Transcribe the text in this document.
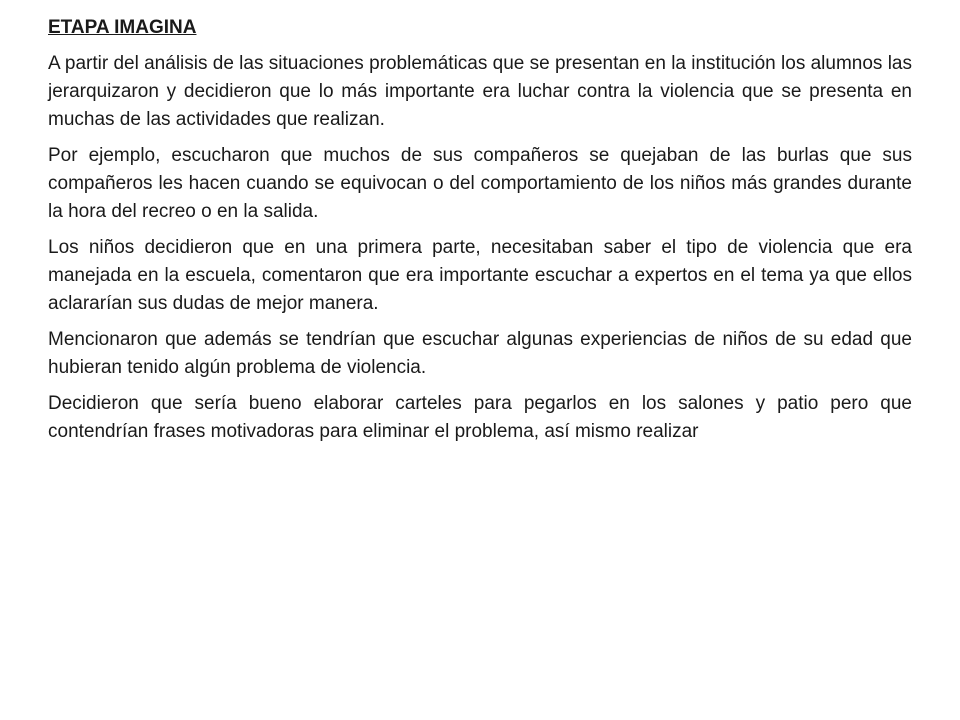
ETAPA IMAGINA

A partir del análisis de las situaciones problemáticas que se presentan en la institución los alumnos las jerarquizaron y decidieron que lo más importante era luchar contra la violencia que se presenta en muchas de las actividades que realizan.

Por ejemplo, escucharon que muchos de sus compañeros se quejaban de las burlas que sus compañeros les hacen cuando se equivocan o del comportamiento de los niños más grandes durante la hora del recreo o en la salida.

Los niños decidieron que en una primera parte, necesitaban saber el tipo de violencia que era manejada en la escuela, comentaron que era importante escuchar a expertos en el tema ya que ellos aclararían sus dudas de mejor manera.

Mencionaron que además se tendrían que escuchar algunas experiencias de niños de su edad que hubieran tenido algún problema de violencia.

Decidieron que sería bueno elaborar carteles para pegarlos en los salones y patio pero que contendrían frases motivadoras para eliminar el problema, así mismo realizar
